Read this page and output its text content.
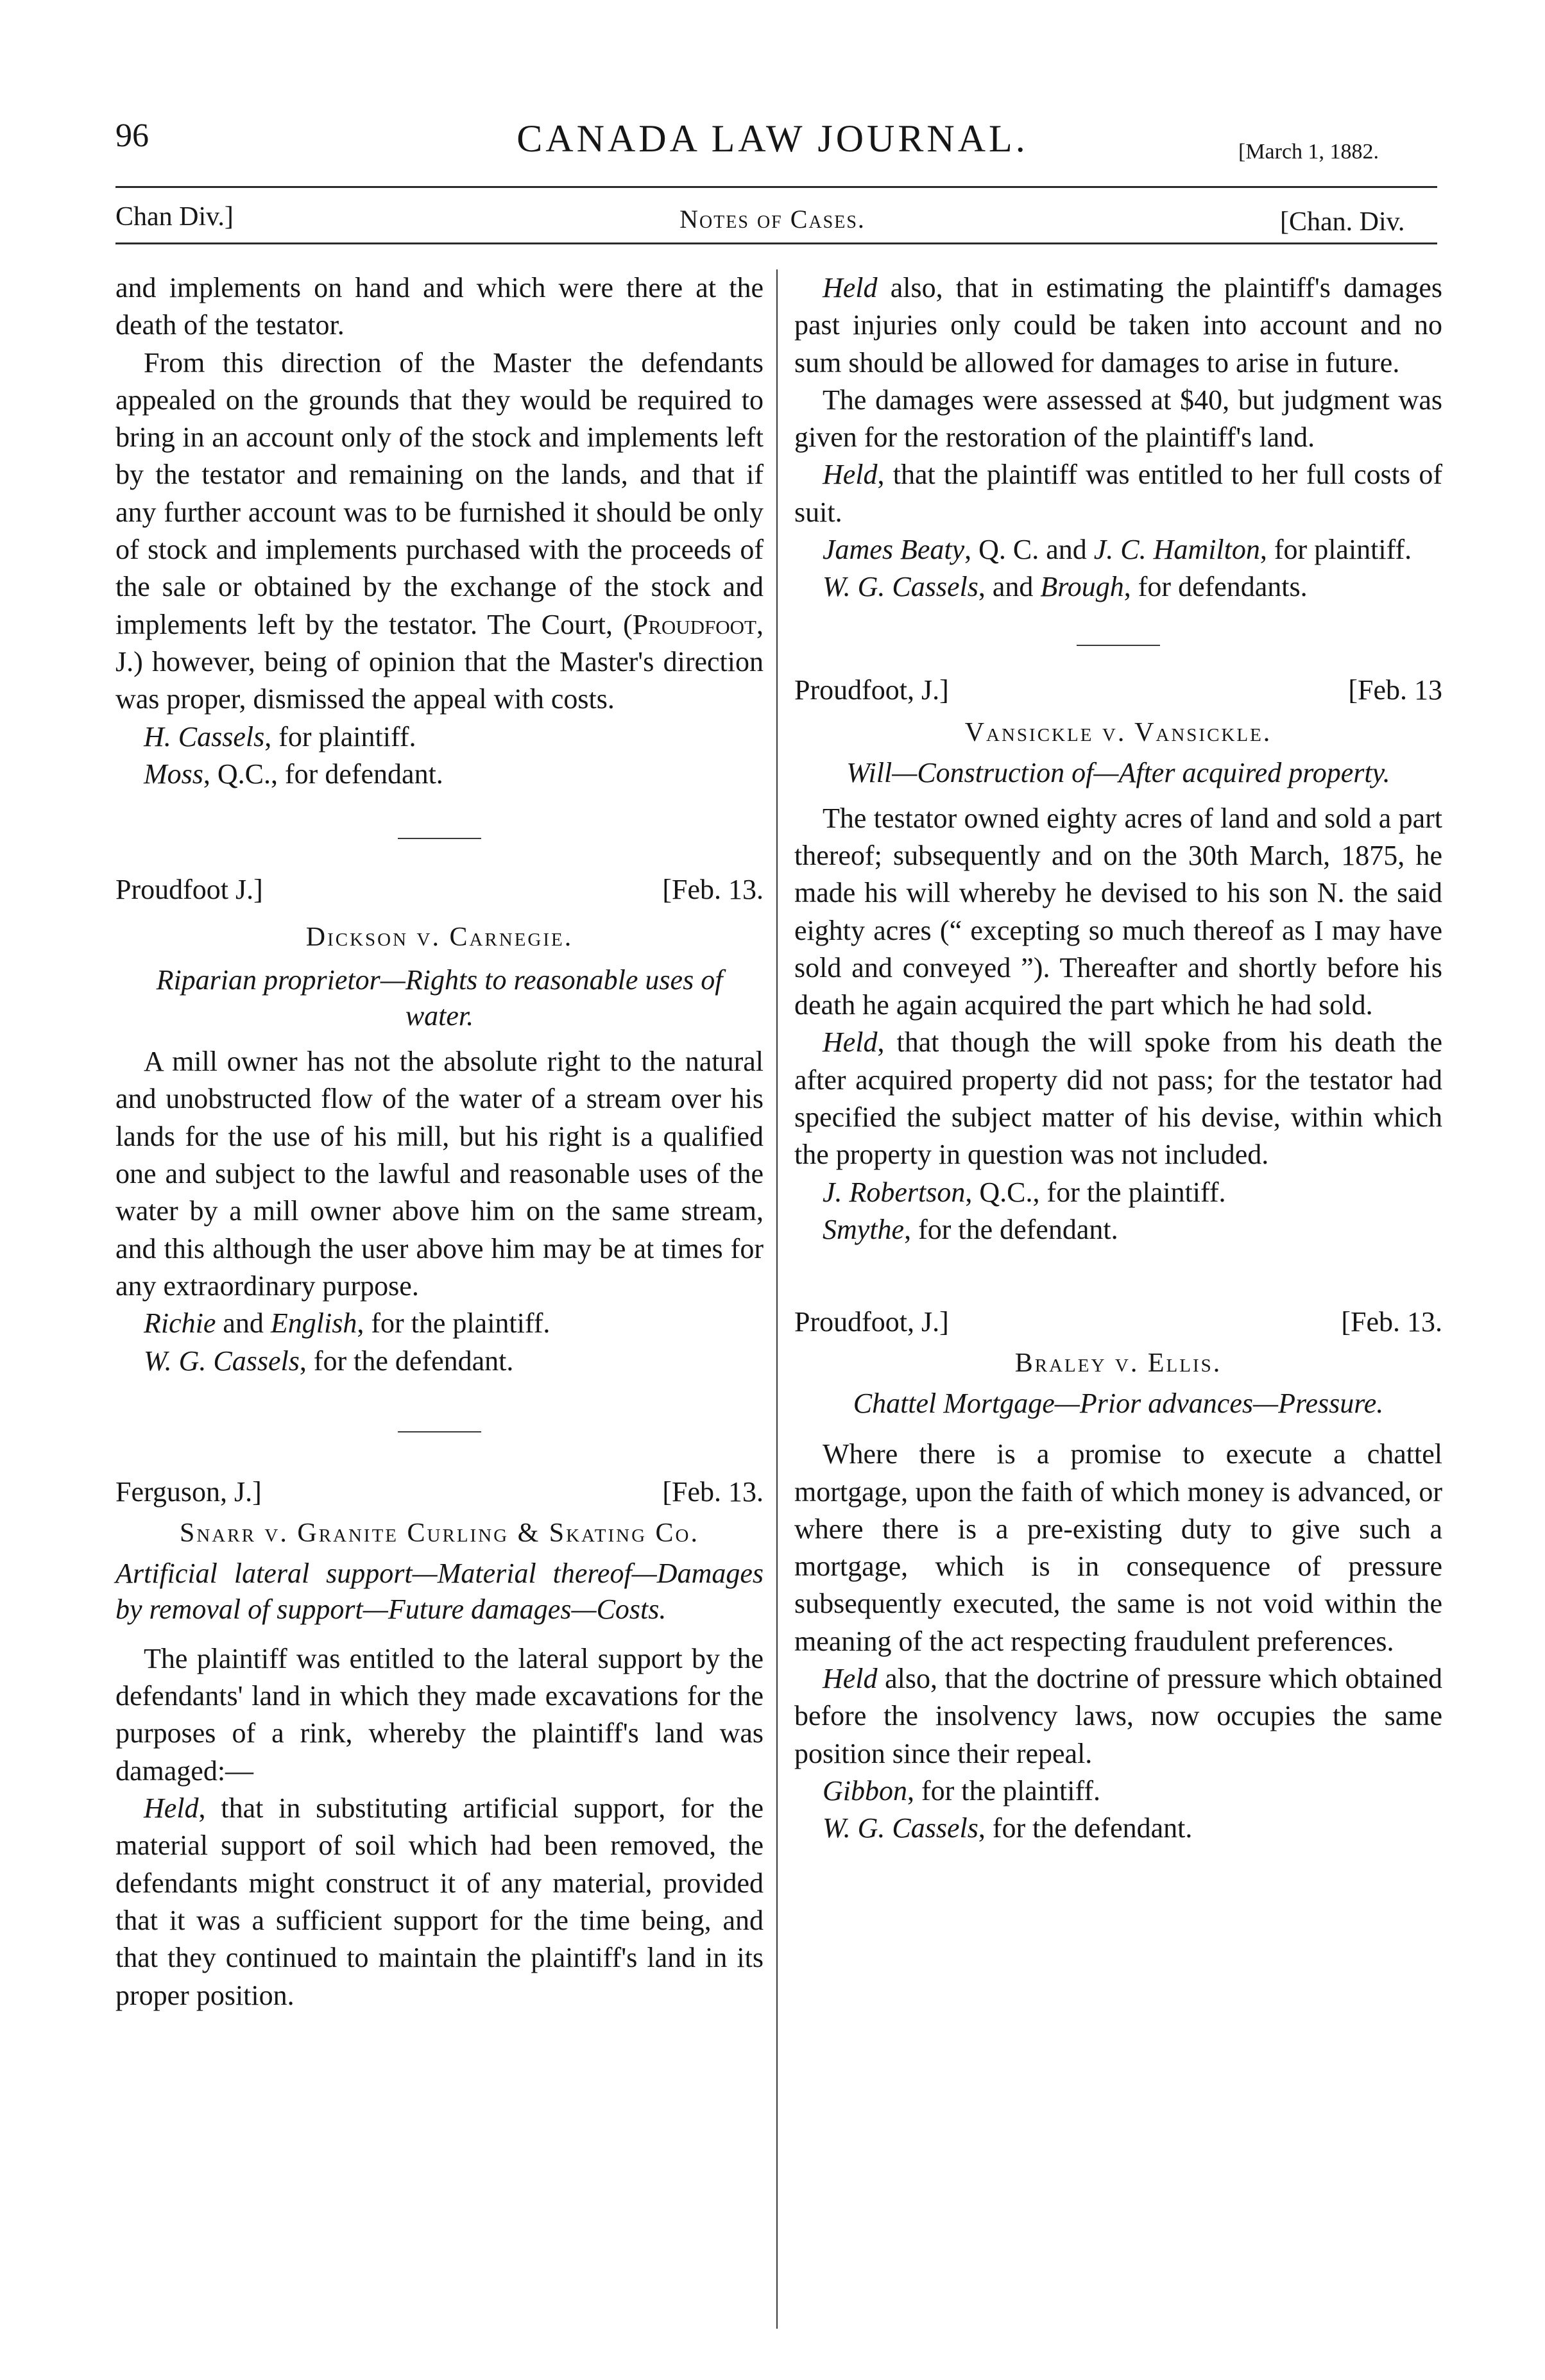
96	CANADA LAW JOURNAL.	[March 1, 1882.
Chan Div.]	Notes of Cases.	[Chan. Div.

and implements on hand and which were there at the death of the testator.

From this direction of the Master the defendants appealed on the grounds that they would be required to bring in an account only of the stock and implements left by the testator and remaining on the lands, and that if any further account was to be furnished it should be only of stock and implements purchased with the proceeds of the sale or obtained by the exchange of the stock and implements left by the testator. The Court, (Proudfoot, J.) however, being of opinion that the Master's direction was proper, dismissed the appeal with costs.

H. Cassels, for plaintiff.
Moss, Q.C., for defendant.
Proudfoot J.]	[Feb. 13.
Dickson v. Carnegie.
Riparian proprietor—Rights to reasonable uses of water.

A mill owner has not the absolute right to the natural and unobstructed flow of the water of a stream over his lands for the use of his mill, but his right is a qualified one and subject to the lawful and reasonable uses of the water by a mill owner above him on the same stream, and this although the user above him may be at times for any extraordinary purpose.

Richie and English, for the plaintiff.
W. G. Cassels, for the defendant.
Ferguson, J.]	[Feb. 13.
Snarr v. Granite Curling & Skating Co.
Artificial lateral support—Material thereof—Damages by removal of support—Future damages—Costs.

The plaintiff was entitled to the lateral support by the defendants' land in which they made excavations for the purposes of a rink, whereby the plaintiff's land was damaged:—

Held, that in substituting artificial support, for the material support of soil which had been removed, the defendants might construct it of any material, provided that it was a sufficient support for the time being, and that they continued to maintain the plaintiff's land in its proper position.

Held also, that in estimating the plaintiff's damages past injuries only could be taken into account and no sum should be allowed for damages to arise in future.

The damages were assessed at $40, but judgment was given for the restoration of the plaintiff's land.

Held, that the plaintiff was entitled to her full costs of suit.

James Beaty, Q. C. and J. C. Hamilton, for plaintiff.
W. G. Cassels, and Brough, for defendants.
Proudfoot, J.]	[Feb. 13
Vansickle v. Vansickle.
Will—Construction of—After acquired property.

The testator owned eighty acres of land and sold a part thereof; subsequently and on the 30th March, 1875, he made his will whereby he devised to his son N. the said eighty acres (“ excepting so much thereof as I may have sold and conveyed ”). Thereafter and shortly before his death he again acquired the part which he had sold.

Held, that though the will spoke from his death the after acquired property did not pass; for the testator had specified the subject matter of his devise, within which the property in question was not included.

J. Robertson, Q.C., for the plaintiff.
Smythe, for the defendant.
Proudfoot, J.]	[Feb. 13.
Braley v. Ellis.
Chattel Mortgage—Prior advances—Pressure.

Where there is a promise to execute a chattel mortgage, upon the faith of which money is advanced, or where there is a pre-existing duty to give such a mortgage, which is in consequence of pressure subsequently executed, the same is not void within the meaning of the act respecting fraudulent preferences.

Held also, that the doctrine of pressure which obtained before the insolvency laws, now occupies the same position since their repeal.

Gibbon, for the plaintiff.
W. G. Cassels, for the defendant.
